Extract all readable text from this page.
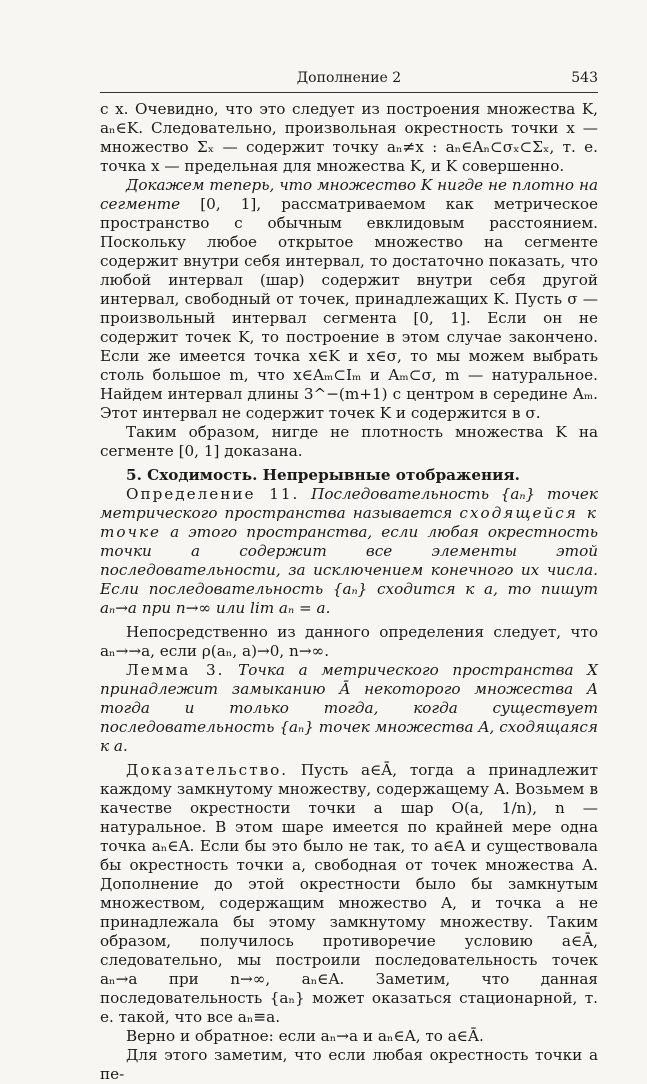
Дополнение 2	543

с x. Очевидно, что это следует из построения множества K, aₙ∈K. Следовательно, произвольная окрестность точки x — множество Σₓ — содержит точку aₙ≠x : aₙ∈Aₙ⊂σₓ⊂Σₓ, т. е. точка x — предельная для множества K, и K совершенно.

Докажем теперь, что множество K нигде не плотно на сегменте [0, 1], рассматриваемом как метрическое пространство с обычным евклидовым расстоянием. Поскольку любое открытое множество на сегменте содержит внутри себя интервал, то достаточно показать, что любой интервал (шар) содержит внутри себя другой интервал, свободный от точек, принадлежащих K. Пусть σ — произвольный интервал сегмента [0, 1]. Если он не содержит точек K, то построение в этом случае закончено. Если же имеется точка x∈K и x∈σ, то мы можем выбрать столь большое m, что x∈Aₘ⊂Iₘ и Aₘ⊂σ, m — натуральное. Найдем интервал длины 3^−(m+1) с центром в середине Aₘ. Этот интервал не содержит точек K и содержится в σ.

Таким образом, нигде не плотность множества K на сегменте [0, 1] доказана.

5. Сходимость. Непрерывные отображения.

Определение 11. Последовательность {aₙ} точек метрического пространства называется сходящейся к точке a этого пространства, если любая окрестность точки a содержит все элементы этой последовательности, за исключением конечного их числа. Если последовательность {aₙ} сходится к a, то пишут aₙ→a при n→∞ или lim aₙ = a.

Непосредственно из данного определения следует, что aₙ→→a, если ρ(aₙ, a)→0, n→∞.

Лемма 3. Точка a метрического пространства X принадлежит замыканию Ā некоторого множества A тогда и только тогда, когда существует последовательность {aₙ} точек множества A, сходящаяся к a.

Доказательство. Пусть a∈Ā, тогда a принадлежит каждому замкнутому множеству, содержащему A. Возьмем в качестве окрестности точки a шар O(a, 1/n), n — натуральное. В этом шаре имеется по крайней мере одна точка aₙ∈A. Если бы это было не так, то a∈A и существовала бы окрестность точки a, свободная от точек множества A. Дополнение до этой окрестности было бы замкнутым множеством, содержащим множество A, и точка a не принадлежала бы этому замкнутому множеству. Таким образом, получилось противоречие условию a∈Ā, следовательно, мы построили последовательность точек aₙ→a при n→∞, aₙ∈A. Заметим, что данная последовательность {aₙ} может оказаться стационарной, т. е. такой, что все aₙ≡a.

Верно и обратное: если aₙ→a и aₙ∈A, то a∈Ā.

Для этого заметим, что если любая окрестность точки a пе-
